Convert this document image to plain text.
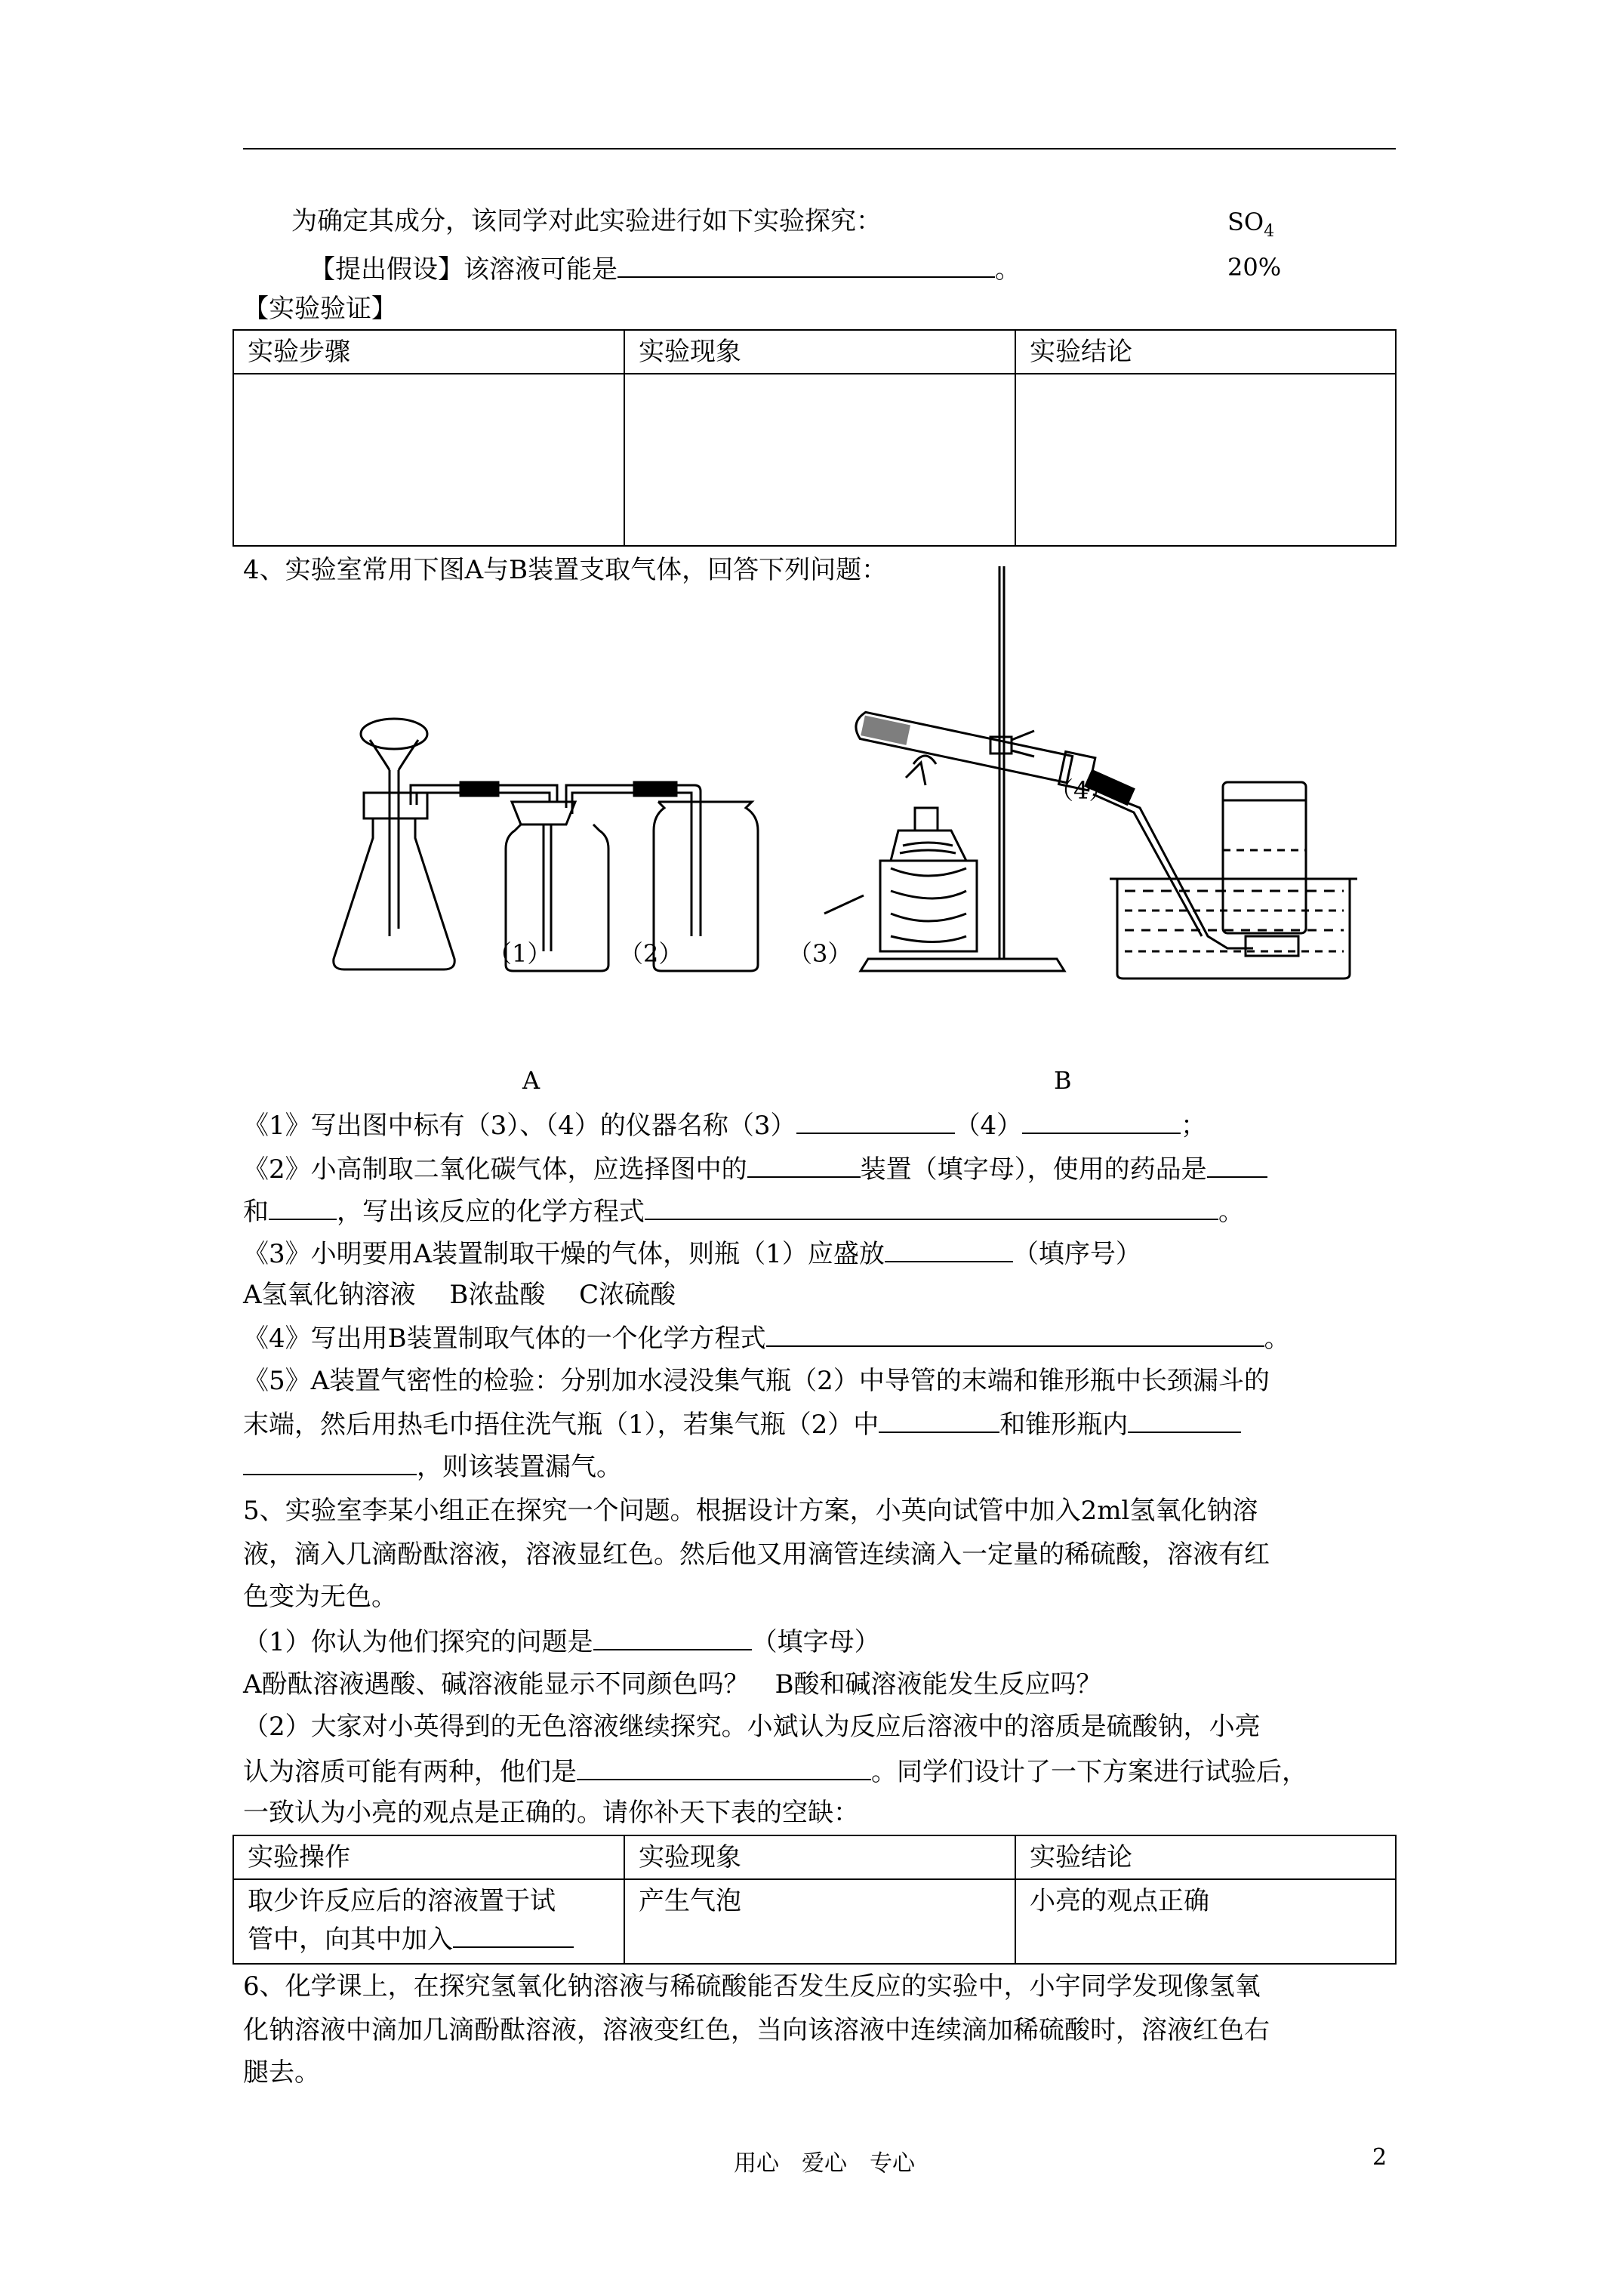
为确定其成分，该同学对此实验进行如下实验探究：	$SO_4$
【提出假设】该溶液可能是	。	20%
【实验验证】
实验步骤	实验现象	实验结论

4、实验室常用下图A与B装置支取气体，回答下列问题：
（1）	（2）	（3）
（4）
A	B
《1》写出图中标有（3）、（4）的仪器名称（3）	（4）	；
《2》小高制取二氧化碳气体，应选择图中的	装置（填字母），使用的药品是
和	，写出该反应的化学方程式	。
《3》小明要用A装置制取干燥的气体，则瓶（1）应盛放	（填序号）
A氢氧化钠溶液　 B浓盐酸　 C浓硫酸
《4》写出用B装置制取气体的一个化学方程式	。
《5》A装置气密性的检验：分别加水浸没集气瓶（2）中导管的末端和锥形瓶中长颈漏斗的
末端，然后用热毛巾捂住洗气瓶（1），若集气瓶（2）中	和锥形瓶内
，则该装置漏气。
5、实验室李某小组正在探究一个问题。根据设计方案，小英向试管中加入2ml氢氧化钠溶
液，滴入几滴酚酞溶液，溶液显红色。然后他又用滴管连续滴入一定量的稀硫酸，溶液有红
色变为无色。
（1）你认为他们探究的问题是	（填字母）
A酚酞溶液遇酸、碱溶液能显示不同颜色吗？　B酸和碱溶液能发生反应吗？
（2）大家对小英得到的无色溶液继续探究。小斌认为反应后溶液中的溶质是硫酸钠，小亮
认为溶质可能有两种，他们是	。同学们设计了一下方案进行试验后，
一致认为小亮的观点是正确的。请你补天下表的空缺：
实验操作	实验现象	实验结论

取少许反应后的溶液置于试
管中，向其中加入	产生气泡	小亮的观点正确
6、化学课上，在探究氢氧化钠溶液与稀硫酸能否发生反应的实验中，小宇同学发现像氢氧
化钠溶液中滴加几滴酚酞溶液，溶液变红色，当向该溶液中连续滴加稀硫酸时，溶液红色右
腿去。
用心　爱心　专心	2
